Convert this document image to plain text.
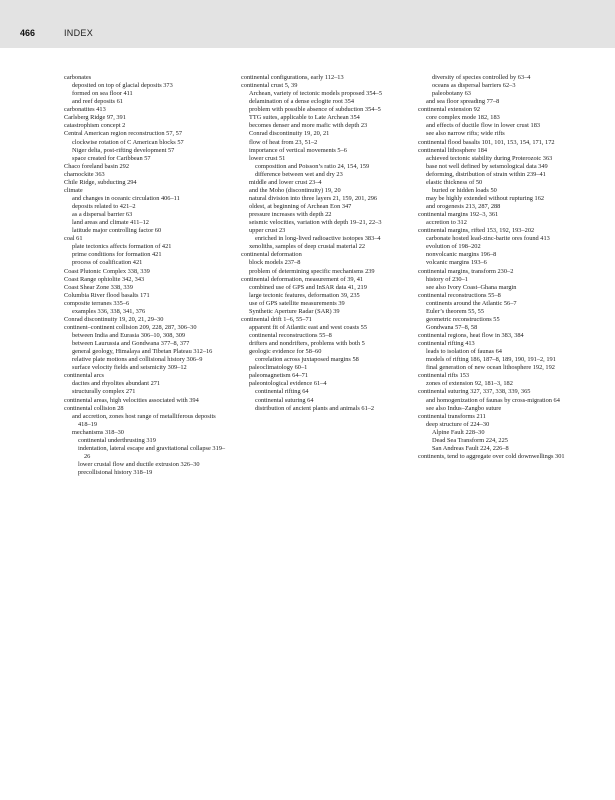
466	INDEX

carbonates

deposited on top of glacial deposits 373

formed on sea floor 411

and reef deposits 61

carbonatites 413

Carlsberg Ridge 97, 391

catastrophism concept 2

Central American region reconstruction 57, 57

clockwise rotation of C American blocks 57

Niger delta, post-rifting development 57

space created for Caribbean 57

Chaco foreland basin 292

charnockite 363

Chile Ridge, subducting 294

climate

and changes in oceanic circulation 406–11

deposits related to 421–2

as a dispersal barrier 63

land areas and climate 411–12

latitude major controlling factor 60

coal 61

plate tectonics affects formation of 421

prime conditions for formation 421

process of coalification 421

Coast Plutonic Complex 338, 339

Coast Range ophiolite 342, 343

Coast Shear Zone 338, 339

Columbia River flood basalts 171

composite terranes 335–6

examples 336, 338, 341, 376

Conrad discontinuity 19, 20, 21, 29–30

continent–continent collision 209, 228, 287, 306–30

between India and Eurasia 306–10, 308, 309

between Laurussia and Gondwana 377–8, 377

general geology, Himalaya and Tibetan Plateau 312–16

relative plate motions and collisional history 306–9

surface velocity fields and seismicity 309–12

continental arcs

dacites and rhyolites abundant 271

structurally complex 271

continental areas, high velocities associated with 394

continental collision 28

and accretion, zones host range of metalliferous deposits 418–19

mechanisms 318–30

continental underthrusting 319

indentation, lateral escape and gravitational collapse 319–26

lower crustal flow and ductile extrusion 326–30

precollisional history 318–19

continental configurations, early 112–13

continental crust 5, 39

Archean, variety of tectonic models proposed 354–5

delamination of a dense eclogite root 354

problem with possible absence of subduction 354–5

TTG suites, applicable to Late Archean 354

becomes denser and more mafic with depth 23

Conrad discontinuity 19, 20, 21

flow of heat from 23, 51–2

importance of vertical movements 5–6

lower crust 51

composition and Poisson’s ratio 24, 154, 159

difference between wet and dry 23

middle and lower crust 23–4

and the Moho (discontinuity) 19, 20

natural division into three layers 21, 159, 201, 296

oldest, at beginning of Archean Eon 347

pressure increases with depth 22

seismic velocities, variation with depth 19–21, 22–3

upper crust 23

enriched in long-lived radioactive isotopes 383–4

xenoliths, samples of deep crustal material 22

continental deformation

block models 237–8

problem of determining specific mechanisms 239

continental deformation, measurement of 39, 41

combined use of GPS and InSAR data 41, 219

large tectonic features, deformation 39, 235

use of GPS satellite measurements 39

Synthetic Aperture Radar (SAR) 39

continental drift 1–6, 55–71

apparent fit of Atlantic east and west coasts 55

continental reconstructions 55–8

drifters and nondrifters, problems with both 5

geologic evidence for 58–60

correlation across juxtaposed margins 58

paleoclimatology 60–1

paleomagnetism 64–71

paleontological evidence 61–4

continental rifting 64

continental suturing 64

distribution of ancient plants and animals 61–2

diversity of species controlled by 63–4

oceans as dispersal barriers 62–3

paleobotany 63

and sea floor spreading 77–8

continental extension 92

core complex mode 182, 183

and effects of ductile flow in lower crust 183

see also narrow rifts; wide rifts

continental flood basalts 101, 101, 153, 154, 171, 172

continental lithosphere 184

achieved tectonic stability during Proterozoic 363

base not well defined by seismological data 349

deforming, distribution of strain within 239–41

elastic thickness of 50

buried or hidden loads 50

may be highly extended without rupturing 162

and orogenesis 213, 287, 288

continental margins 192–3, 361

accretion to 312

continental margins, rifted 153, 192, 193–202

carbonate hosted lead-zinc-barite ores found 413

evolution of 198–202

nonvolcanic margins 196–8

volcanic margins 193–6

continental margins, transform 230–2

history of 230–1

see also Ivory Coast–Ghana margin

continental reconstructions 55–8

continents around the Atlantic 56–7

Euler’s theorem 55, 55

geometric reconstructions 55

Gondwana 57–8, 58

continental regions, heat flow in 383, 384

continental rifting 413

leads to isolation of faunas 64

models of rifting 186, 187–8, 189, 190, 191–2, 191

final generation of new ocean lithosphere 192, 192

continental rifts 153

zones of extension 92, 181–3, 182

continental suturing 327, 337, 338, 339, 365

and homogenization of faunas by cross-migration 64

see also Indus–Zangbo suture

continental transforms 211

deep structure of 224–30

Alpine Fault 228–30

Dead Sea Transform 224, 225

San Andreas Fault 224, 226–8

continents, tend to aggregate over cold downwellings 301
